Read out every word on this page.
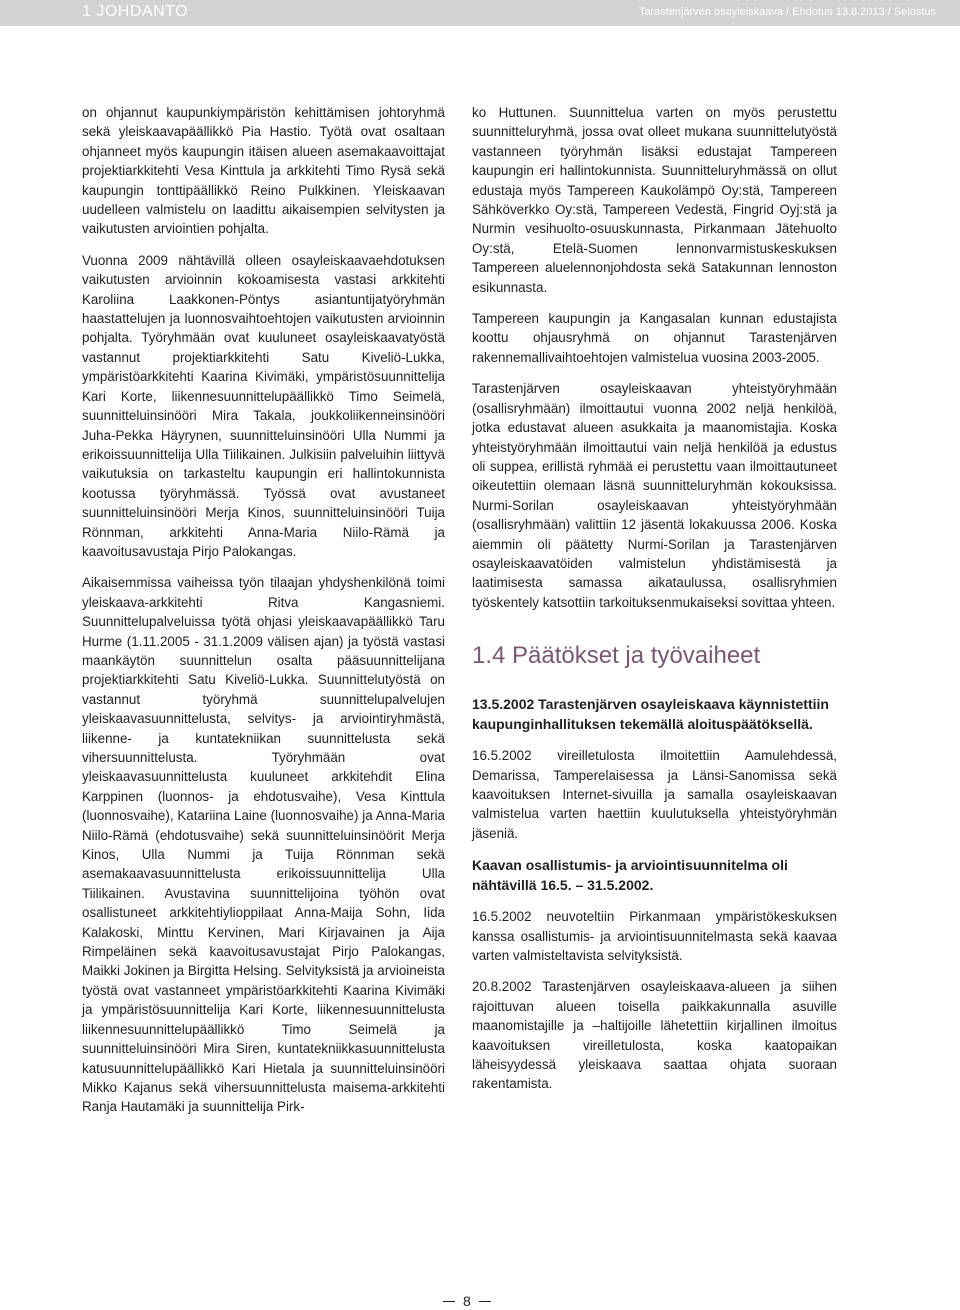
1 JOHDANTO	Tarastenjärven osayleiskaava / Ehdotus 13.8.2013 / Selostus

on ohjannut kaupunkiympäristön kehittämisen johtoryhmä sekä yleiskaavapäällikkö Pia Hastio. Työtä ovat osaltaan ohjanneet myös kaupungin itäisen alueen asemakaavoittajat projektiarkkitehti Vesa Kinttula ja arkkitehti Timo Rysä sekä kaupungin tonttipäällikkö Reino Pulkkinen. Yleiskaavan uudelleen valmistelu on laadittu aikaisempien selvitysten ja vaikutusten arviointien pohjalta.

Vuonna 2009 nähtävillä olleen osayleiskaavaehdotuksen vaikutusten arvioinnin kokoamisesta vastasi arkkitehti Karoliina Laakkonen-Pöntys asiantuntijatyöryhmän haastattelujen ja luonnosvaihtoehtojen vaikutusten arvioinnin pohjalta. Työryhmään ovat kuuluneet osayleiskaavatyöstä vastannut projektiarkkitehti Satu Kiveliö-Lukka, ympäristöarkkitehti Kaarina Kivimäki, ympäristösuunnittelija Kari Korte, liikennesuunnittelupäällikkö Timo Seimelä, suunnitteluinsinööri Mira Takala, joukkoliikenneinsinööri Juha-Pekka Häyrynen, suunnitteluinsinööri Ulla Nummi ja erikoissuunnittelija Ulla Tiilikainen. Julkisiin palveluihin liittyvä vaikutuksia on tarkasteltu kaupungin eri hallintokunnista kootussa työryhmässä. Työssä ovat avustaneet suunnitteluinsinööri Merja Kinos, suunnitteluinsinööri Tuija Rönnman, arkkitehti Anna-Maria Niilo-Rämä ja kaavoitusavustaja Pirjo Palokangas.

Aikaisemmissa vaiheissa työn tilaajan yhdyshenkilönä toimi yleiskaava-arkkitehti Ritva Kangasniemi. Suunnittelupalveluissa työtä ohjasi yleiskaavapäällikkö Taru Hurme (1.11.2005 - 31.1.2009 välisen ajan) ja työstä vastasi maankäytön suunnittelun osalta pääsuunnittelijana projektiarkkitehti Satu Kiveliö-Lukka. Suunnittelutyöstä on vastannut työryhmä suunnittelupalvelujen yleiskaavasuunnittelusta, selvitys- ja arviointiryhmästä, liikenne- ja kuntatekniikan suunnittelusta sekä vihersuunnittelusta. Työryhmään ovat yleiskaavasuunnittelusta kuuluneet arkkitehdit Elina Karppinen (luonnos- ja ehdotusvaihe), Vesa Kinttula (luonnosvaihe), Katariina Laine (luonnosvaihe) ja Anna-Maria Niilo-Rämä (ehdotusvaihe) sekä suunnitteluinsinöörit Merja Kinos, Ulla Nummi ja Tuija Rönnman sekä asemakaavasuunnittelusta erikoissuunnittelija Ulla Tiilikainen. Avustavina suunnittelijoina työhön ovat osallistuneet arkkitehtiylioppilaat Anna-Maija Sohn, Iida Kalakoski, Minttu Kervinen, Mari Kirjavainen ja Aija Rimpeläinen sekä kaavoitusavustajat Pirjo Palokangas, Maikki Jokinen ja Birgitta Helsing. Selvityksistä ja arvioineista työstä ovat vastanneet ympäristöarkkitehti Kaarina Kivimäki ja ympäristösuunnittelija Kari Korte, liikennesuunnittelusta liikennesuunnittelupäällikkö Timo Seimelä ja suunnitteluinsinööri Mira Siren, kuntatekniikkasuunnittelusta katusuunnittelupäällikkö Kari Hietala ja suunnitteluinsinööri Mikko Kajanus sekä vihersuunnittelusta maisema-arkkitehti Ranja Hautamäki ja suunnittelija Pirk-

ko Huttunen. Suunnittelua varten on myös perustettu suunnitteluryhmä, jossa ovat olleet mukana suunnittelutyöstä vastanneen työryhmän lisäksi edustajat Tampereen kaupungin eri hallintokunnista. Suunnitteluryhmässä on ollut edustaja myös Tampereen Kaukolämpö Oy:stä, Tampereen Sähköverkko Oy:stä, Tampereen Vedestä, Fingrid Oyj:stä ja Nurmin vesihuolto-osuuskunnasta, Pirkanmaan Jätehuolto Oy:stä, Etelä-Suomen lennonvarmistuskeskuksen Tampereen aluelennonjohdosta sekä Satakunnan lennoston esikunnasta.

Tampereen kaupungin ja Kangasalan kunnan edustajista koottu ohjausryhmä on ohjannut Tarastenjärven rakennemallivaihtoehtojen valmistelua vuosina 2003-2005.

Tarastenjärven osayleiskaavan yhteistyöryhmään (osallisryhmään) ilmoittautui vuonna 2002 neljä henkilöä, jotka edustavat alueen asukkaita ja maanomistajia. Koska yhteistyöryhmään ilmoittautui vain neljä henkilöä ja edustus oli suppea, erillistä ryhmää ei perustettu vaan ilmoittautuneet oikeutettiin olemaan läsnä suunnitteluryhmän kokouksissa. Nurmi-Sorilan osayleiskaavan yhteistyöryhmään (osallisryhmään) valittiin 12 jäsentä lokakuussa 2006. Koska aiemmin oli päätetty Nurmi-Sorilan ja Tarastenjärven osayleiskaavatöiden valmistelun yhdistämisestä ja laatimisesta samassa aikataulussa, osallisryhmien työskentely katsottiin tarkoituksenmukaiseksi sovittaa yhteen.

1.4 Päätökset ja työvaiheet
13.5.2002 Tarastenjärven osayleiskaava käynnistettiin kaupunginhallituksen tekemällä aloituspäätöksellä.

16.5.2002 vireilletulosta ilmoitettiin Aamulehdessä, Demarissa, Tamperelaisessa ja Länsi-Sanomissa sekä kaavoituksen Internet-sivuilla ja samalla osayleiskaavan valmistelua varten haettiin kuulutuksella yhteistyöryhmän jäseniä.

Kaavan osallistumis- ja arviointisuunnitelma oli nähtävillä 16.5. – 31.5.2002.

16.5.2002 neuvoteltiin Pirkanmaan ympäristökeskuksen kanssa osallistumis- ja arviointisuunnitelmasta sekä kaavaa varten valmisteltavista selvityksistä.

20.8.2002 Tarastenjärven osayleiskaava-alueen ja siihen rajoittuvan alueen toisella paikkakunnalla asuville maanomistajille ja –haltijoille lähetettiin kirjallinen ilmoitus kaavoituksen vireilletulosta, koska kaatopaikan läheisyydessä yleiskaava saattaa ohjata suoraan rakentamista.

8
